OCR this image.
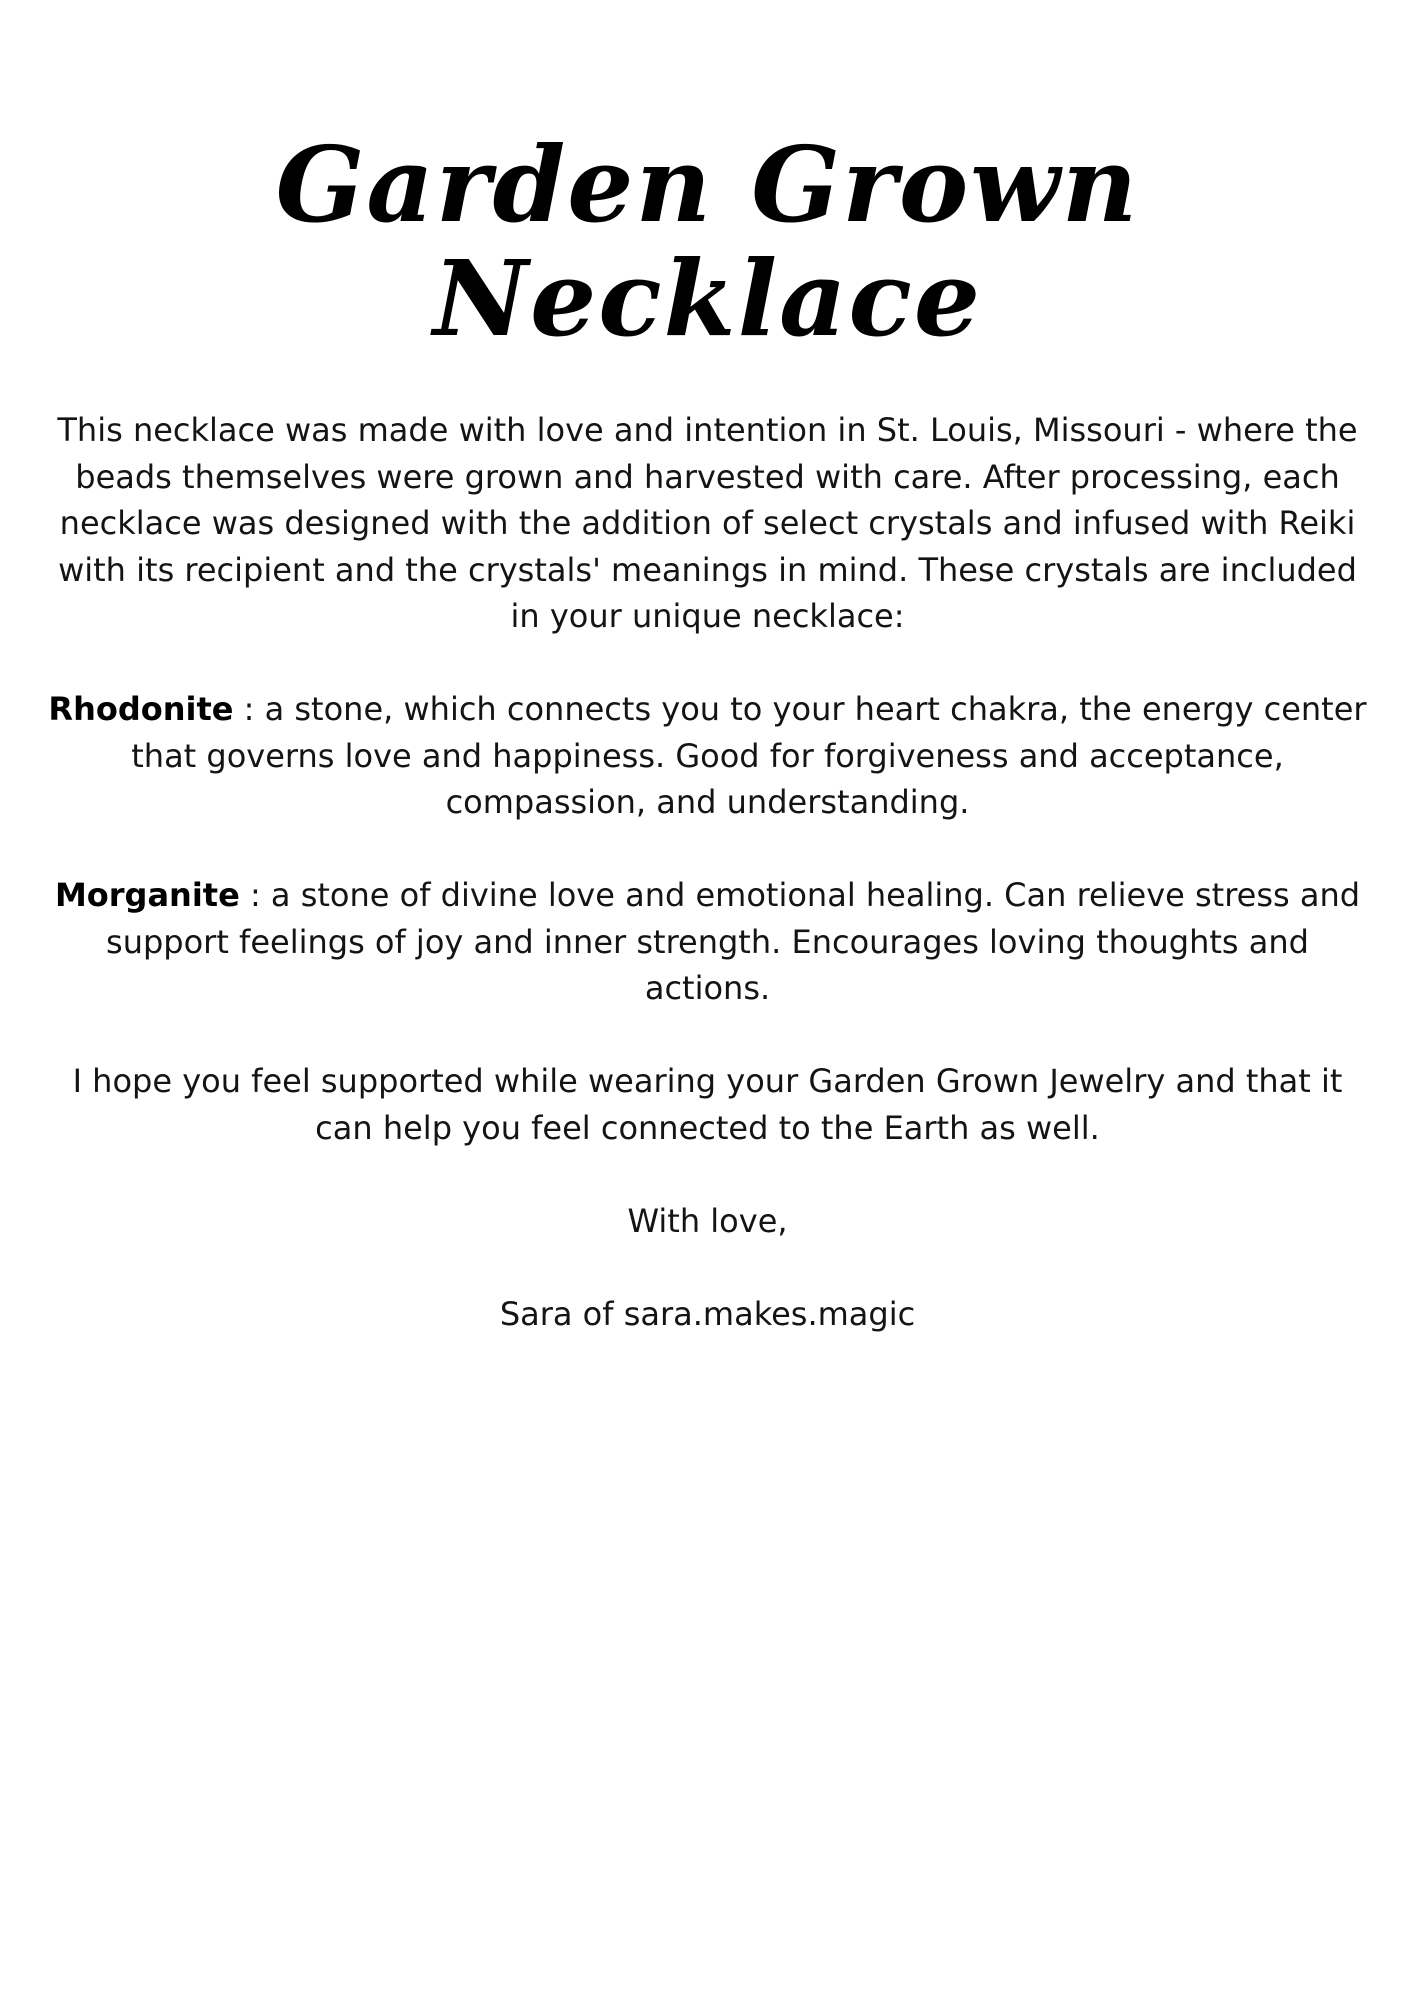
Garden Grown
Necklace

This necklace was made with love and intention in St. Louis, Missouri - where the beads themselves were grown and harvested with care. After processing, each necklace was designed with the addition of select crystals and infused with Reiki with its recipient and the crystals' meanings in mind. These crystals are included in your unique necklace:

Rhodonite : a stone, which connects you to your heart chakra, the energy center that governs love and happiness. Good for forgiveness and acceptance, compassion, and understanding.

Morganite : a stone of divine love and emotional healing. Can relieve stress and support feelings of joy and inner strength. Encourages loving thoughts and actions.

I hope you feel supported while wearing your Garden Grown Jewelry and that it can help you feel connected to the Earth as well.

With love,

Sara of sara.makes.magic
